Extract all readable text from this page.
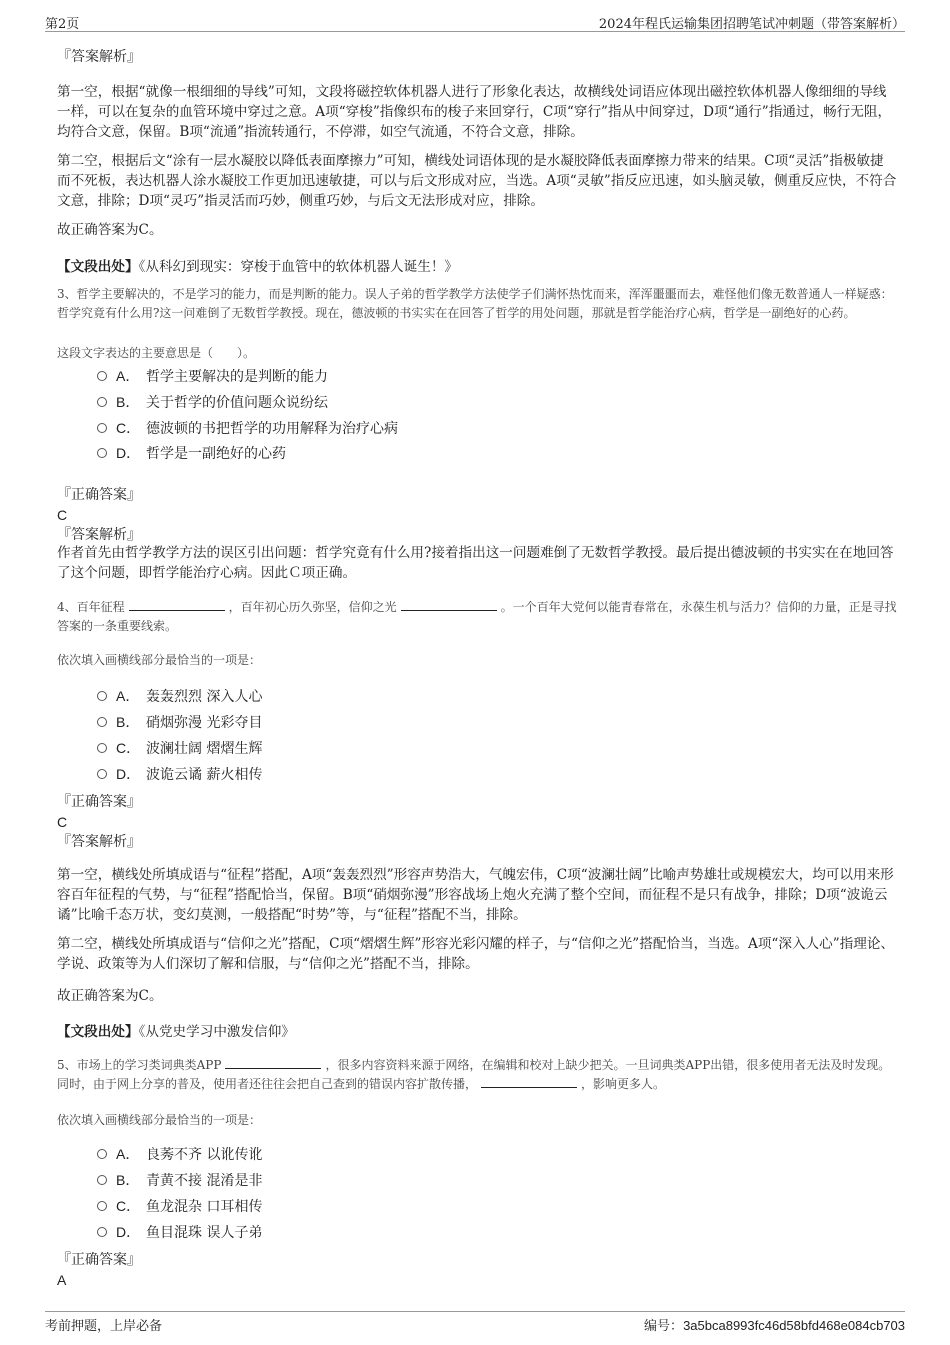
第2页	2024年程氏运输集团招聘笔试冲刺题（带答案解析）
『答案解析』

第一空，根据“就像一根细细的导线”可知，文段将磁控软体机器人进行了形象化表达，故横线处词语应体现出磁控软体机器人像细细的导线一样，可以在复杂的血管环境中穿过之意。A项“穿梭”指像织布的梭子来回穿行，C项“穿行”指从中间穿过，D项“通行”指通过，畅行无阻，均符合文意，保留。B项“流通”指流转通行，不停滞，如空气流通，不符合文意，排除。

第二空，根据后文“涂有一层水凝胶以降低表面摩擦力”可知，横线处词语体现的是水凝胶降低表面摩擦力带来的结果。C项“灵活”指极敏捷而不死板，表达机器人涂水凝胶工作更加迅速敏捷，可以与后文形成对应，当选。A项“灵敏”指反应迅速，如头脑灵敏，侧重反应快，不符合文意，排除；D项“灵巧”指灵活而巧妙，侧重巧妙，与后文无法形成对应，排除。

故正确答案为C。

【文段出处】《从科幻到现实：穿梭于血管中的软体机器人诞生！》

3、哲学主要解决的，不是学习的能力，而是判断的能力。误人子弟的哲学教学方法使学子们满怀热忱而来，浑浑噩噩而去，难怪他们像无数普通人一样疑惑：哲学究竟有什么用?这一问难倒了无数哲学教授。现在，德波顿的书实实在在回答了哲学的用处问题，那就是哲学能治疗心病，哲学是一副绝好的心药。

这段文字表达的主要意思是（　　）。

A． 哲学主要解决的是判断的能力
B． 关于哲学的价值问题众说纷纭
C． 德波顿的书把哲学的功用解释为治疗心病
D． 哲学是一副绝好的心药
『正确答案』
C
『答案解析』

作者首先由哲学教学方法的误区引出问题：哲学究竟有什么用?接着指出这一问题难倒了无数哲学教授。最后提出德波顿的书实实在在地回答了这个问题，即哲学能治疗心病。因此Ｃ项正确。

4、百年征程	，百年初心历久弥坚，信仰之光	。一个百年大党何以能青春常在，永葆生机与活力？信仰的力量，正是寻找答案的一条重要线索。

依次填入画横线部分最恰当的一项是：

A． 轰轰烈烈 深入人心
B． 硝烟弥漫 光彩夺目
C． 波澜壮阔 熠熠生辉
D． 波诡云谲 薪火相传
『正确答案』
C
『答案解析』

第一空，横线处所填成语与“征程”搭配，A项“轰轰烈烈”形容声势浩大，气魄宏伟，C项“波澜壮阔”比喻声势雄壮或规模宏大，均可以用来形容百年征程的气势，与“征程”搭配恰当，保留。B项“硝烟弥漫”形容战场上炮火充满了整个空间，而征程不是只有战争，排除；D项“波诡云谲”比喻千态万状，变幻莫测，一般搭配“时势”等，与“征程”搭配不当，排除。

第二空，横线处所填成语与“信仰之光”搭配，C项“熠熠生辉”形容光彩闪耀的样子，与“信仰之光”搭配恰当，当选。A项“深入人心”指理论、学说、政策等为人们深切了解和信服，与“信仰之光”搭配不当，排除。

故正确答案为C。

【文段出处】《从党史学习中激发信仰》

5、市场上的学习类词典类APP	，很多内容资料来源于网络，在编辑和校对上缺少把关。一旦词典类APP出错，很多使用者无法及时发现。同时，由于网上分享的普及，使用者还往往会把自己查到的错误内容扩散传播，	，影响更多人。

依次填入画横线部分最恰当的一项是：

A． 良莠不齐 以讹传讹
B． 青黄不接 混淆是非
C． 鱼龙混杂 口耳相传
D． 鱼目混珠 误人子弟
『正确答案』
A
考前押题，上岸必备	编号：3a5bca8993fc46d58bfd468e084cb703
